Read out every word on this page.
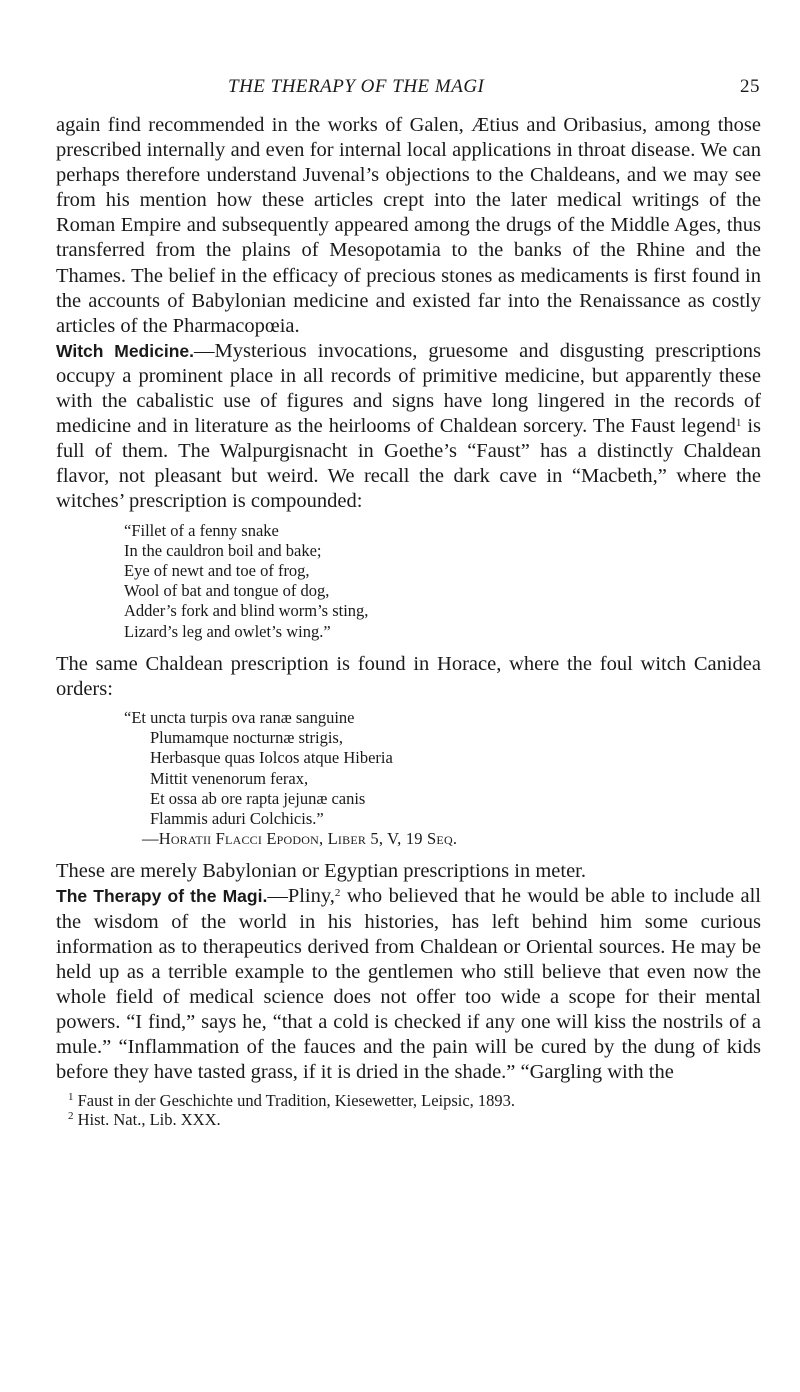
THE THERAPY OF THE MAGI	25

again find recommended in the works of Galen, Ætius and Oribasius, among those prescribed internally and even for internal local applications in throat disease. We can perhaps therefore understand Juvenal’s objections to the Chaldeans, and we may see from his mention how these articles crept into the later medical writings of the Roman Empire and subsequently appeared among the drugs of the Middle Ages, thus transferred from the plains of Mesopotamia to the banks of the Rhine and the Thames. The belief in the efficacy of precious stones as medicaments is first found in the accounts of Babylonian medicine and existed far into the Renaissance as costly articles of the Pharmacopœia.

Witch Medicine.—Mysterious invocations, gruesome and disgusting prescriptions occupy a prominent place in all records of primitive medicine, but apparently these with the cabalistic use of figures and signs have long lingered in the records of medicine and in literature as the heirlooms of Chaldean sorcery. The Faust legend$^1$ is full of them. The Walpurgisnacht in Goethe’s “Faust” has a distinctly Chaldean flavor, not pleasant but weird. We recall the dark cave in “Macbeth,” where the witches’ prescription is compounded:

“Fillet of a fenny snake
In the cauldron boil and bake;
Eye of newt and toe of frog,
Wool of bat and tongue of dog,
Adder’s fork and blind worm’s sting,
Lizard’s leg and owlet’s wing.”

The same Chaldean prescription is found in Horace, where the foul witch Canidea orders:

“Et uncta turpis ova ranæ sanguine
Plumamque nocturnæ strigis,
Herbasque quas Iolcos atque Hiberia
Mittit venenorum ferax,
Et ossa ab ore rapta jejunæ canis
Flammis aduri Colchicis.”
—Horatii Flacci Epodon, Liber 5, V, 19 Seq.

These are merely Babylonian or Egyptian prescriptions in meter.

The Therapy of the Magi.—Pliny,$^2$ who believed that he would be able to include all the wisdom of the world in his histories, has left behind him some curious information as to therapeutics derived from Chaldean or Oriental sources. He may be held up as a terrible example to the gentlemen who still believe that even now the whole field of medical science does not offer too wide a scope for their mental powers. “I find,” says he, “that a cold is checked if any one will kiss the nostrils of a mule.” “Inflammation of the fauces and the pain will be cured by the dung of kids before they have tasted grass, if it is dried in the shade.” “Gargling with the

$^1$ Faust in der Geschichte und Tradition, Kiesewetter, Leipsic, 1893.
$^2$ Hist. Nat., Lib. XXX.
